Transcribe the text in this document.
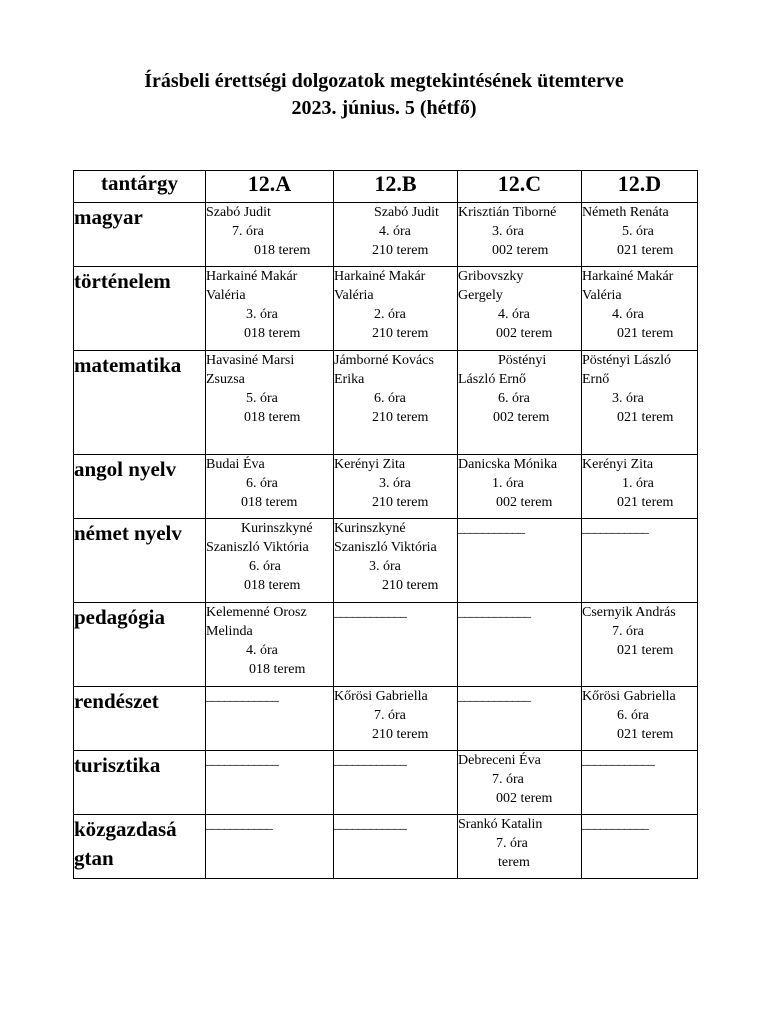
Írásbeli érettségi dolgozatok megtekintésének ütemterve
2023. június. 5 (hétfő)
tantárgy	12.A	12.B	12.C	12.D

magyar	Szabó Judit
7. óra
018 terem	Szabó Judit
4. óra
210 terem	Krisztián Tiborné
3. óra
002 terem	Németh Renáta
5. óra
021 terem

történelem	Harkainé Makár
Valéria
3. óra
018 terem	Harkainé Makár
Valéria
2. óra
210 terem	Gribovszky
Gergely
4. óra
002 terem	Harkainé Makár
Valéria
4. óra
021 terem

matematika	Havasiné Marsi
Zsuzsa
5. óra
018 terem	Jámborné Kovács
Erika
6. óra
210 terem	Pöstényi
László Ernő
6. óra
002 terem	Pöstényi László
Ernő
3. óra
021 terem

angol nyelv	Budai Éva
6. óra
018 terem	Kerényi Zita
3. óra
210 terem	Danicska Mónika
1. óra
002 terem	Kerényi Zita
1. óra
021 terem

német nyelv	Kurinszkyné
Szaniszló Viktória
6. óra
018 terem	Kurinszkyné
Szaniszló Viktória
3. óra
210 terem	___________	___________

pedagógia	Kelemenné Orosz
Melinda
4. óra
018 terem	____________	____________	Csernyik András
7. óra
021 terem

rendészet	____________	Kőrösi Gabriella
7. óra
210 terem	____________	Kőrösi Gabriella
6. óra
021 terem

turisztika	____________	____________	Debreceni Éva
7. óra
002 terem	____________

közgazdasá
gtan	___________	____________	Srankó Katalin
7. óra
terem	___________
